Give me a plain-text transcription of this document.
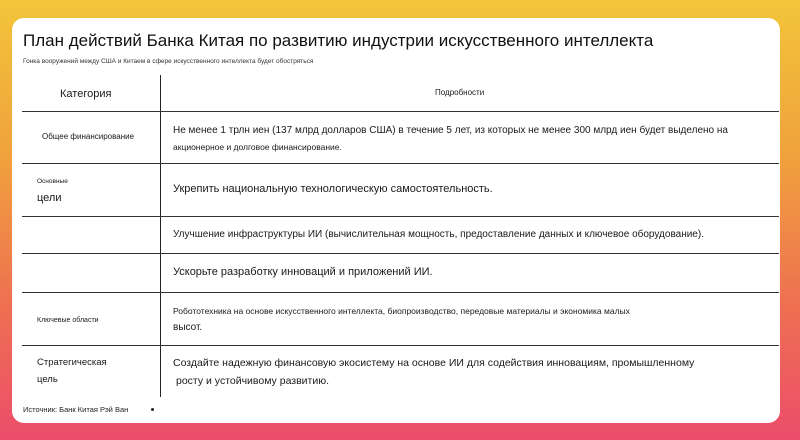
План действий Банка Китая по развитию индустрии искусственного интеллекта
Гонка вооружений между США и Китаем в сфере искусственного интеллекта будет обостряться
Категория	Подробности
Общее финансирование
Не менее 1 трлн иен (137 млрд долларов США) в течение 5 лет, из которых не менее 300 млрд иен будет выделено на
акционерное и долговое финансирование.
Основные
цели
Укрепить национальную технологическую самостоятельность.
Улучшение инфраструктуры ИИ (вычислительная мощность, предоставление данных и ключевое оборудование).
Ускорьте разработку инноваций и приложений ИИ.
Ключевые области
Робототехника на основе искусственного интеллекта, биопроизводство, передовые материалы и экономика малых
высот.
Стратегическая
цель
Создайте надежную финансовую экосистему на основе ИИ для содействия инновациям, промышленному
росту и устойчивому развитию.
Источник: Банк Китая Рэй Ван
